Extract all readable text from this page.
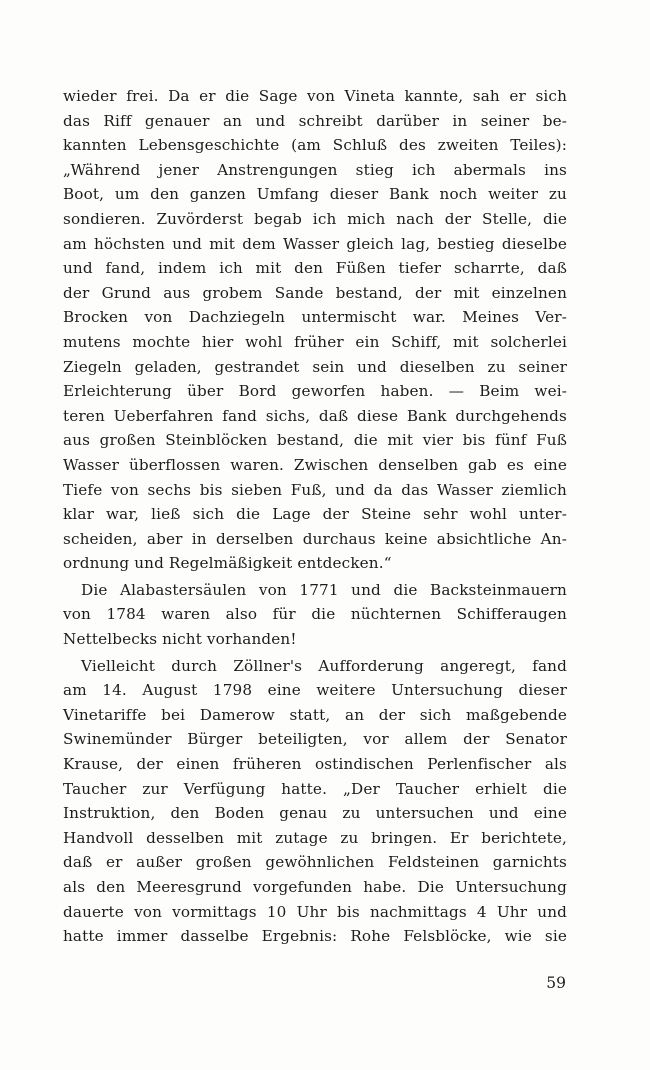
wieder frei. Da er die Sage von Vineta kannte, sah er sich
das Riff genauer an und schreibt darüber in seiner be-
kannten Lebensgeschichte (am Schluß des zweiten Teiles):
„Während jener Anstrengungen stieg ich abermals ins
Boot, um den ganzen Umfang dieser Bank noch weiter zu
sondieren. Zuvörderst begab ich mich nach der Stelle, die
am höchsten und mit dem Wasser gleich lag, bestieg dieselbe
und fand, indem ich mit den Füßen tiefer scharrte, daß
der Grund aus grobem Sande bestand, der mit einzelnen
Brocken von Dachziegeln untermischt war. Meines Ver-
mutens mochte hier wohl früher ein Schiff, mit solcherlei
Ziegeln geladen, gestrandet sein und dieselben zu seiner
Erleichterung über Bord geworfen haben. — Beim wei-
teren Ueberfahren fand sichs, daß diese Bank durchgehends
aus großen Steinblöcken bestand, die mit vier bis fünf Fuß
Wasser überflossen waren. Zwischen denselben gab es eine
Tiefe von sechs bis sieben Fuß, und da das Wasser ziemlich
klar war, ließ sich die Lage der Steine sehr wohl unter-
scheiden, aber in derselben durchaus keine absichtliche An-
ordnung und Regelmäßigkeit entdecken.“
Die Alabastersäulen von 1771 und die Backsteinmauern
von 1784 waren also für die nüchternen Schifferaugen
Nettelbecks nicht vorhanden!
Vielleicht durch Zöllner's Aufforderung angeregt, fand
am 14. August 1798 eine weitere Untersuchung dieser
Vinetariffe bei Damerow statt, an der sich maßgebende
Swinemünder Bürger beteiligten, vor allem der Senator
Krause, der einen früheren ostindischen Perlenfischer als
Taucher zur Verfügung hatte. „Der Taucher erhielt die
Instruktion, den Boden genau zu untersuchen und eine
Handvoll desselben mit zutage zu bringen. Er berichtete,
daß er außer großen gewöhnlichen Feldsteinen garnichts
als den Meeresgrund vorgefunden habe. Die Untersuchung
dauerte von vormittags 10 Uhr bis nachmittags 4 Uhr und
hatte immer dasselbe Ergebnis: Rohe Felsblöcke, wie sie
59
